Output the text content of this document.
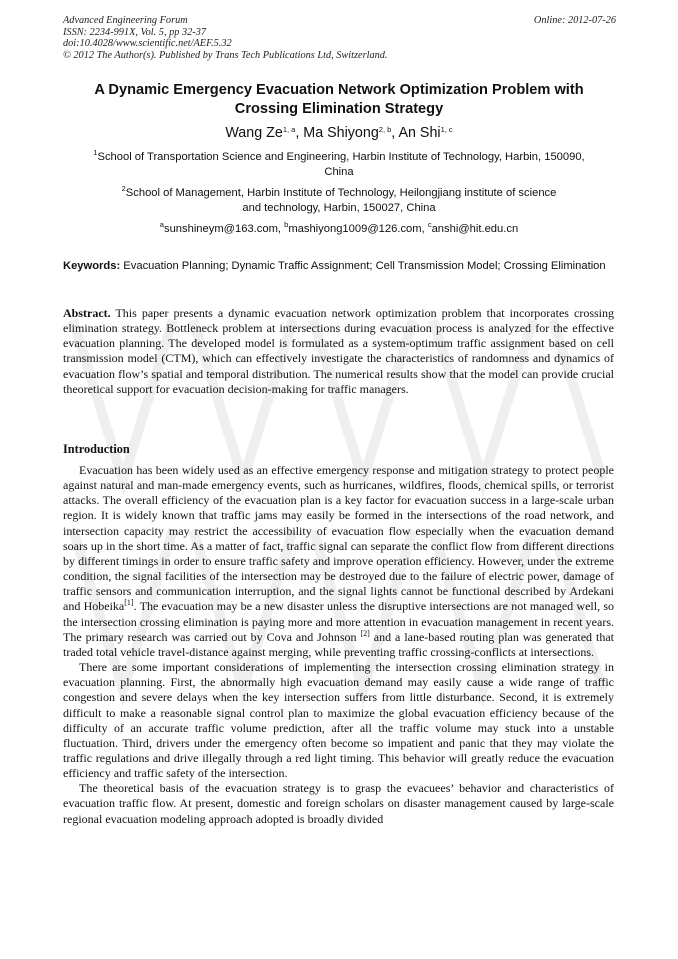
Advanced Engineering Forum
ISSN: 2234-991X, Vol. 5, pp 32-37
doi:10.4028/www.scientific.net/AEF.5.32
© 2012 The Author(s). Published by Trans Tech Publications Ltd, Switzerland.
Online: 2012-07-26
A Dynamic Emergency Evacuation Network Optimization Problem with
Crossing Elimination Strategy
Wang Ze$^{1, a}$, Ma Shiyong$^{2, b}$, An Shi$^{1, c}$
$^1$School of Transportation Science and Engineering, Harbin Institute of Technology, Harbin, 150090,
China
$^2$School of Management, Harbin Institute of Technology, Heilongjiang institute of science
and technology, Harbin, 150027, China
$^a$sunshineym@163.com, $^b$mashiyong1009@126.com, $^c$anshi@hit.edu.cn
Keywords: Evacuation Planning; Dynamic Traffic Assignment; Cell Transmission Model; Crossing Elimination
Abstract. This paper presents a dynamic evacuation network optimization problem that incorporates crossing elimination strategy. Bottleneck problem at intersections during evacuation process is analyzed for the effective evacuation planning. The developed model is formulated as a system-optimum traffic assignment based on cell transmission model (CTM), which can effectively investigate the characteristics of randomness and dynamics of evacuation flow’s spatial and temporal distribution. The numerical results show that the model can provide crucial theoretical support for evacuation decision-making for traffic managers.
Introduction

Evacuation has been widely used as an effective emergency response and mitigation strategy to protect people against natural and man-made emergency events, such as hurricanes, wildfires, floods, chemical spills, or terrorist attacks. The overall efficiency of the evacuation plan is a key factor for evacuation success in a large-scale urban region. It is widely known that traffic jams may easily be formed in the intersections of the road network, and intersection capacity may restrict the accessibility of evacuation flow especially when the evacuation demand soars up in the short time. As a matter of fact, traffic signal can separate the conflict flow from different directions by different timings in order to ensure traffic safety and improve operation efficiency. However, under the extreme condition, the signal facilities of the intersection may be destroyed due to the failure of electric power, damage of traffic sensors and communication interruption, and the signal lights cannot be functional described by Ardekani and Hobeika[1]. The evacuation may be a new disaster unless the disruptive intersections are not managed well, so the intersection crossing elimination is paying more and more attention in evacuation management in recent years. The primary research was carried out by Cova and Johnson [2] and a lane-based routing plan was generated that traded total vehicle travel-distance against merging, while preventing traffic crossing-conflicts at intersections.

There are some important considerations of implementing the intersection crossing elimination strategy in evacuation planning. First, the abnormally high evacuation demand may easily cause a wide range of traffic congestion and severe delays when the key intersection suffers from little disturbance. Second, it is extremely difficult to make a reasonable signal control plan to maximize the global evacuation efficiency because of the difficulty of an accurate traffic volume prediction, after all the traffic volume may stuck into a unstable fluctuation. Third, drivers under the emergency often become so impatient and panic that they may violate the traffic regulations and drive illegally through a red light timing. This behavior will greatly reduce the evacuation efficiency and traffic safety of the intersection.

The theoretical basis of the evacuation strategy is to grasp the evacuees’ behavior and characteristics of evacuation traffic flow. At present, domestic and foreign scholars on disaster management caused by large-scale regional evacuation modeling approach adopted is broadly divided
